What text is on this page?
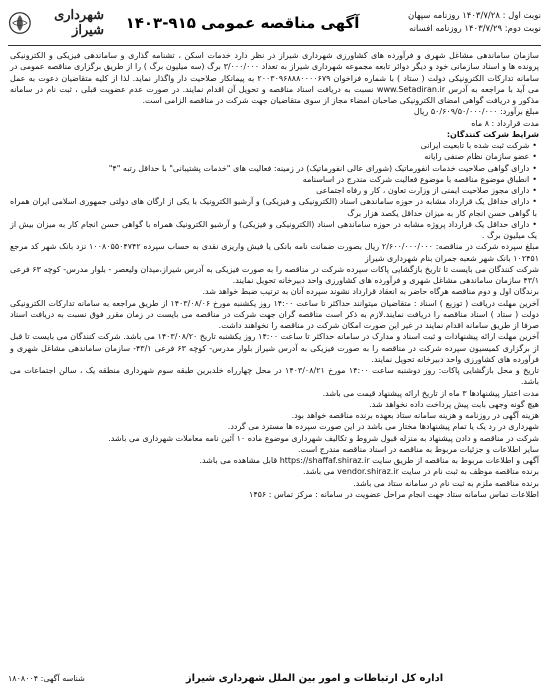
نوبت اول : ۱۴۰۳/۷/۲۸ روزنامه سپهان
نوبت دوم: ۱۴۰۳/۷/۲۹ روزنامه افسانه
آگهی مناقصه عمومی ۹۱۵-۱۴۰۳
شهرداری شیراز

سازمان ساماندهی مشاغل شهری و فرآورده های کشاورزی شهرداری شیراز در نظر دارد خدمات اسکن ، تشنامه گذاری و ساماندهی فیزیکی و الکترونیکی پرونده ها و اسناد سازمانی خود و دیگر دوائر تابعه مجموعه شهرداری شیراز به تعداد ۳/۰۰۰/۰۰۰ برگ (سه میلیون برگ ) را از طریق برگزاری مناقصه عمومی در سامانه تدارکات الکترونیکی دولت ( ستاد ) با شماره فراخوان ۲۰۰۳۰۹۶۸۸۸۰۰۰۰۶۷۹ به پیمانکار صلاحیت دار واگذار نماید. لذا از کلیه متقاضیان دعوت به عمل می آید با مراجعه به آدرس www.Setadiran.ir نسبت به دریافت اسناد مناقصه و تحویل آن اقدام نمایند. در صورت عدم عضویت قبلی ، ثبت نام در سامانه مذکور و دریافت گواهی امضای الکترونیکی صاحبان امضاء مجاز از سوی متقاضیان جهت شرکت در مناقصه الزامی است.

مبلغ برآورد: ۵۰/۶۰۹/۵۰/۰۰۰/۰۰۰ ریال

مدت قرارداد : ۸ ماه

شرایط شرکت کنندگان:

• شرکت ثبت شده با تابعیت ایرانی
• عضو سازمان نظام صنفی رایانه
• دارای گواهی صلاحیت خدمات انفورماتیک (شورای عالی انفورماتیک) در زمینه: فعالیت های "خدمات پشتیبانی" با حداقل رتبه "۴"
• انطباق موضوع مناقصه با موضوع فعالیت شرکت مندرج در اساسنامه
• دارای مجوز صلاحیت ایمنی از وزارت تعاون ، کار و رفاه اجتماعی
• دارای حداقل یک قرارداد مشابه در حوزه ساماندهی اسناد (الکترونیکی و فیزیکی) و آرشیو الکترونیک با یکی از ارگان های دولتی جمهوری اسلامی ایران همراه با گواهی حسن انجام کار به میزان حداقل یکصد هزار برگ
• دارای حداقل یک قرارداد پروژه مشابه در حوزه ساماندهی اسناد (الکترونیکی و فیزیکی) و آرشیو الکترونیک همراه با گواهی حسن انجام کار به میزان بیش از یک میلیون برگ .

مبلغ سپرده شرکت در مناقصه: ۲/۶۰۰/۰۰۰/۰۰۰ ریال بصورت ضمانت نامه بانکی یا فیش واریزی نقدی به حساب سپرده ۱۰۰۸۰۵۵۰۴۷۴۲ نزد بانک شهر کد مرجع ۱۰۲۴۵۱ بانک شهر شعبه جمران بنام شهرداری شیراز

شرکت کنندگان می بایست تا تاریخ بازگشایی پاکات سپرده شرکت در مناقصه را به صورت فیزیکی به آدرس شیراز،میدان ولیعصر - بلوار مدرس- کوچه ۶۳ فرعی ۴۳/۱ سازمان ساماندهی مشاغل شهری و فرآورده های کشاورزی واحد دبیرخانه تحویل نمایند.

برندگان اول و دوم مناقصه هرگاه حاضر به انعقاد قرارداد نشوند سپرده آنان به ترتیب ضبط خواهد شد.

آخرین مهلت دریافت ( توزیع ) اسناد : متقاضیان میتوانند حداکثر تا ساعت ۱۴:۰۰ روز یکشنبه مورخ ۱۴۰۳/۰۸/۰۶ از طریق مراجعه به سامانه تدارکات الکترونیکی دولت ( ستاد ) اسناد مناقصه را دریافت نمایند.لازم به ذکر است مناقصه گران جهت شرکت در مناقصه می بایست در زمان مقرر فوق نسبت به دریافت اسناد صرفا از طریق سامانه اقدام نمایند در غیر این صورت امکان شرکت در مناقصه را نخواهند داشت.

آخرین مهلت ارائه پیشنهادات و ثبت اسناد و مدارک در سامانه حداکثر تا ساعت ۱۴:۰۰ روز یکشنبه تاریخ ۱۴۰۳/۰۸/۲۰ می باشد. شرکت کنندگان می بایست تا قبل از برگزاری کمیسیون سپرده شرکت در مناقصه را به صورت فیزیکی به آدرس شیراز بلوار مدرس- کوچه ۶۳ فرعی ۴۳/۱- سازمان ساماندهی مشاغل شهری و فرآورده های کشاورزی واحد دبیرخانه تحویل نمایند.

تاریخ و محل بازگشایی پاکات: روز دوشنبه ساعت ۱۴:۰۰ مورخ ۱۴۰۳/۰۸/۲۱ در محل چهارراه خلدبرین طبقه سوم شهرداری منطقه یک ، سالن اجتماعات می باشد.

مدت اعتبار پیشنهادها ۳ ماه از تاریخ ارائه پیشنهاد قیمت می باشد.

هیچ گونه وجهی بابت پیش پرداخت داده نخواهد شد.

هزینه آگهی در روزنامه و هزینه سامانه ستاد بعهده برنده مناقصه خواهد بود.

شهرداری در رد یک یا تمام پیشنهادها مختار می باشد در این صورت سپرده ها مسترد می گردد.

شرکت در مناقصه و دادن پیشنهاد به منزله قبول شروط و تکالیف شهرداری موضوع ماده ۱۰ آئین نامه معاملات شهرداری می باشد.

سایر اطلاعات و جزئیات مربوط به مناقصه در اسناد مناقصه مندرج است.

آگهی و اطلاعات مربوط به مناقصه از طریق سایت https://shaffaf.shiraz.ir قابل مشاهده می باشد.

برنده مناقصه موظف به ثبت نام در سایت vendor.shiraz.ir می باشد.

برنده مناقصه ملزم به ثبت نام در سامانه ستاد می باشد.

اطلاعات تماس سامانه ستاد جهت انجام مراحل عضویت در سامانه : مرکز تماس : ۱۴۵۶

اداره کل ارتباطات و امور بین الملل شهرداری شیراز
شناسه آگهی: ۱۸۰۸۰۰۴
